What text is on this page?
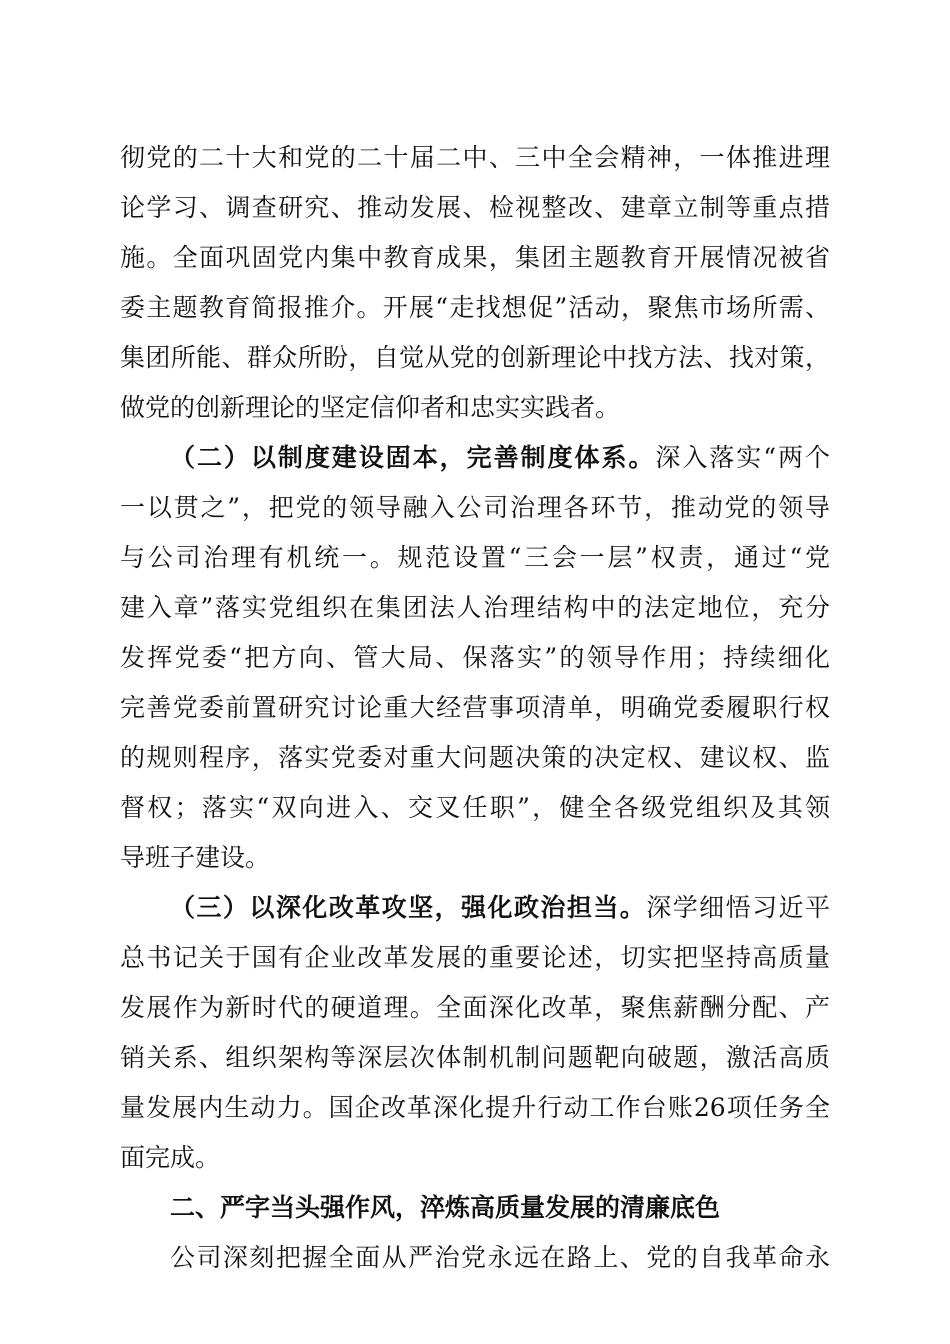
彻党的二十大和党的二十届二中、三中全会精神，一体推进理
论学习、调查研究、推动发展、检视整改、建章立制等重点措
施。全面巩固党内集中教育成果，集团主题教育开展情况被省
委主题教育简报推介。开展“走找想促”活动，聚焦市场所需、
集团所能、群众所盼，自觉从党的创新理论中找方法、找对策，
做党的创新理论的坚定信仰者和忠实实践者。
（二）以制度建设固本，完善制度体系。深入落实“两个
一以贯之”，把党的领导融入公司治理各环节，推动党的领导
与公司治理有机统一。规范设置“三会一层”权责，通过“党
建入章”落实党组织在集团法人治理结构中的法定地位，充分
发挥党委“把方向、管大局、保落实”的领导作用；持续细化
完善党委前置研究讨论重大经营事项清单，明确党委履职行权
的规则程序，落实党委对重大问题决策的决定权、建议权、监
督权；落实“双向进入、交叉任职”，健全各级党组织及其领
导班子建设。
（三）以深化改革攻坚，强化政治担当。深学细悟习近平
总书记关于国有企业改革发展的重要论述，切实把坚持高质量
发展作为新时代的硬道理。全面深化改革，聚焦薪酬分配、产
销关系、组织架构等深层次体制机制问题靶向破题，激活高质
量发展内生动力。国企改革深化提升行动工作台账26项任务全
面完成。
二、严字当头强作风，淬炼高质量发展的清廉底色
公司深刻把握全面从严治党永远在路上、党的自我革命永
